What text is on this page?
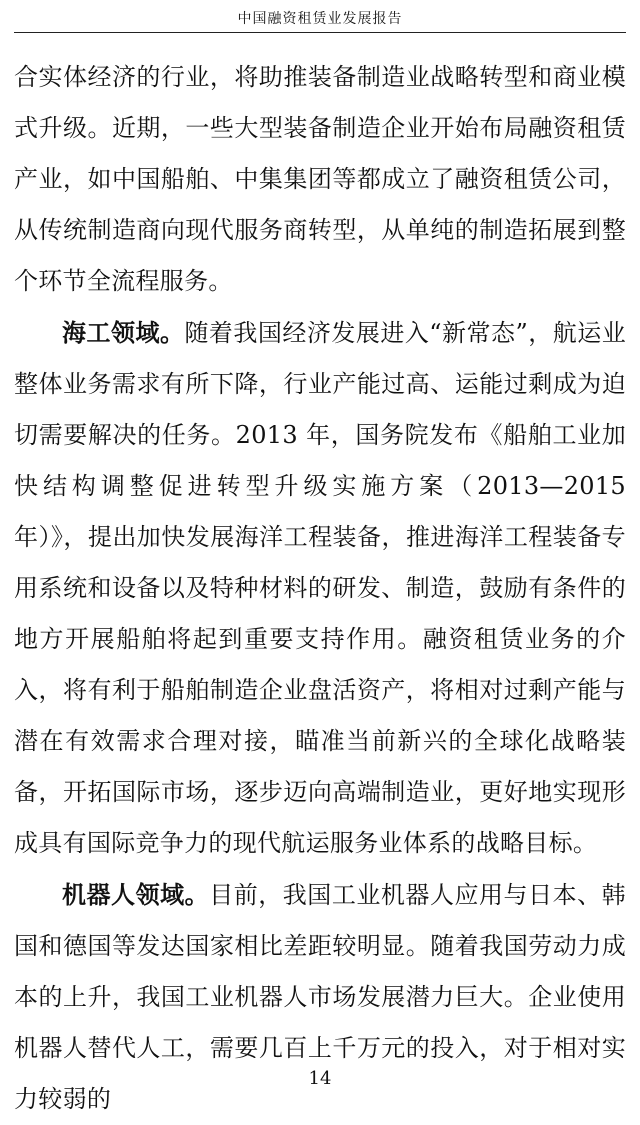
中国融资租赁业发展报告

合实体经济的行业，将助推装备制造业战略转型和商业模式升级。近期，一些大型装备制造企业开始布局融资租赁产业，如中国船舶、中集集团等都成立了融资租赁公司，从传统制造商向现代服务商转型，从单纯的制造拓展到整个环节全流程服务。

海工领域。随着我国经济发展进入“新常态”，航运业整体业务需求有所下降，行业产能过高、运能过剩成为迫切需要解决的任务。2013 年，国务院发布《船舶工业加快结构调整促进转型升级实施方案（2013—2015 年）》，提出加快发展海洋工程装备，推进海洋工程装备专用系统和设备以及特种材料的研发、制造，鼓励有条件的地方开展船舶将起到重要支持作用。融资租赁业务的介入，将有利于船舶制造企业盘活资产，将相对过剩产能与潜在有效需求合理对接，瞄准当前新兴的全球化战略装备，开拓国际市场，逐步迈向高端制造业，更好地实现形成具有国际竞争力的现代航运服务业体系的战略目标。

机器人领域。目前，我国工业机器人应用与日本、韩国和德国等发达国家相比差距较明显。随着我国劳动力成本的上升，我国工业机器人市场发展潜力巨大。企业使用机器人替代人工，需要几百上千万元的投入，对于相对实力较弱的

14
